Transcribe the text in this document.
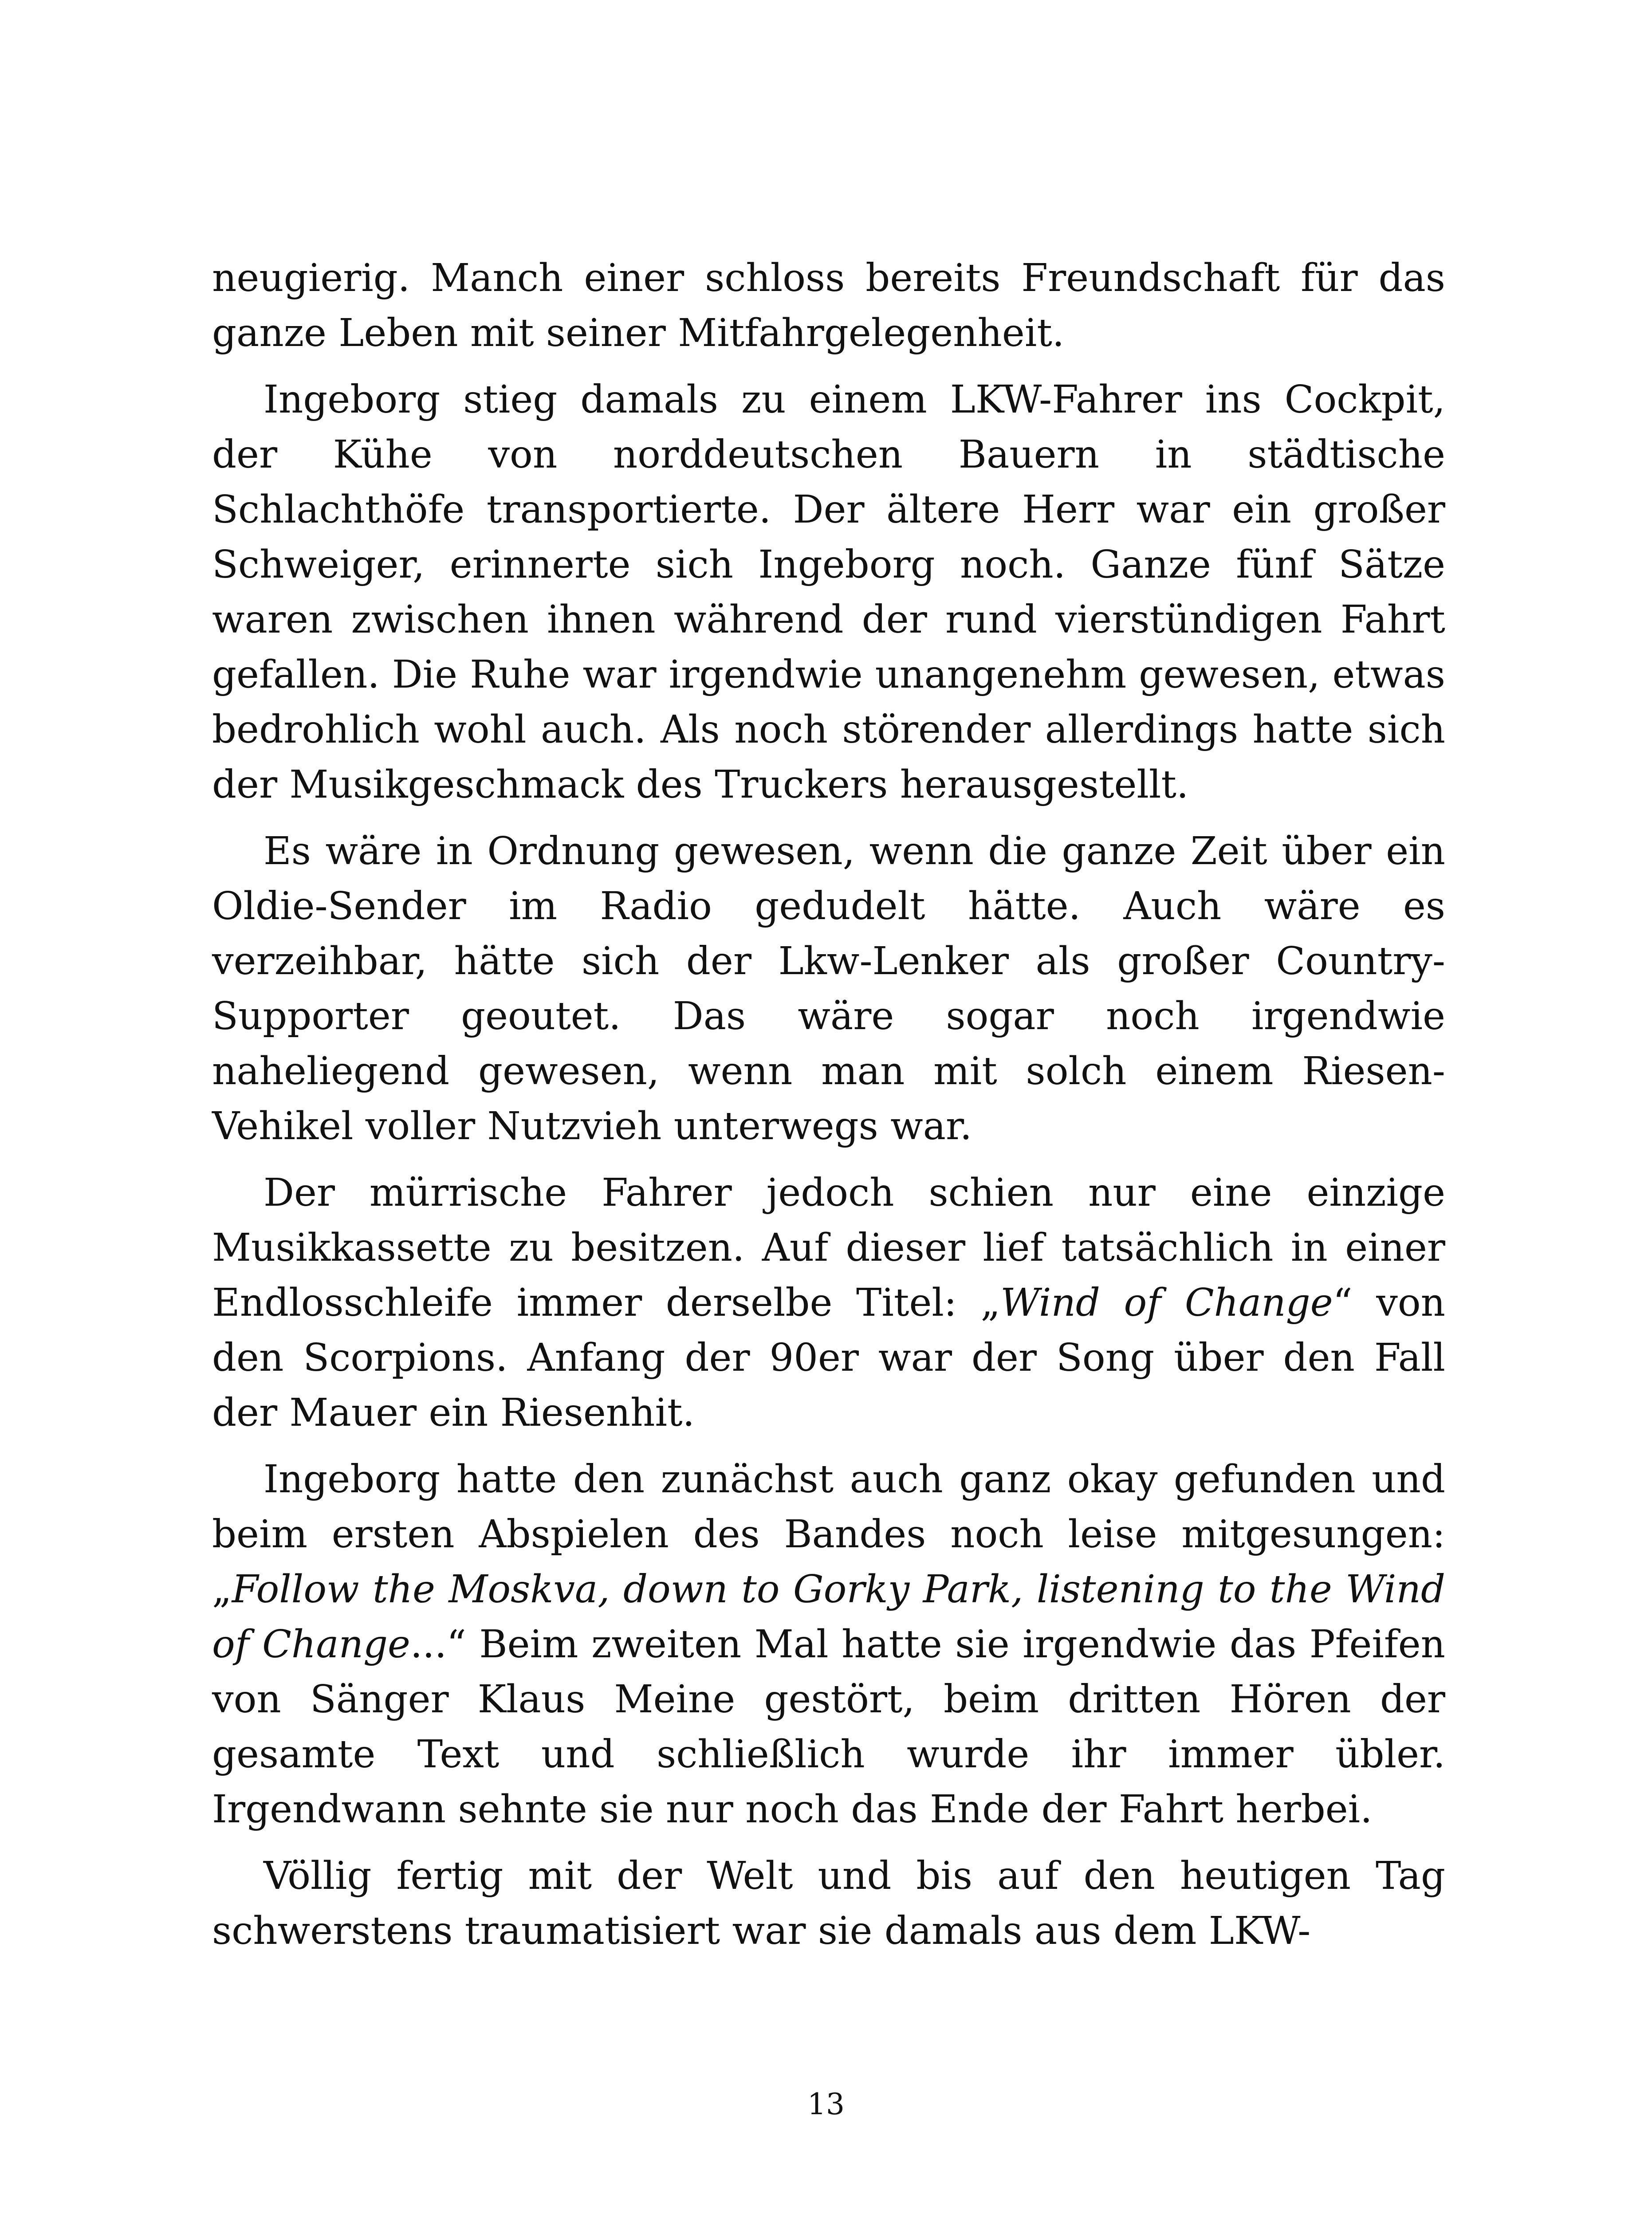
neugierig. Manch einer schloss bereits Freundschaft für das ganze Leben mit seiner Mitfahrgelegenheit.

Ingeborg stieg damals zu einem LKW-Fahrer ins Cockpit, der Kühe von norddeutschen Bauern in städtische Schlachthöfe transportierte. Der ältere Herr war ein großer Schweiger, erinnerte sich Ingeborg noch. Ganze fünf Sätze waren zwischen ihnen während der rund vierstündigen Fahrt gefallen. Die Ruhe war irgendwie unangenehm gewesen, etwas bedrohlich wohl auch. Als noch störender allerdings hatte sich der Musikgeschmack des Truckers herausgestellt.

Es wäre in Ordnung gewesen, wenn die ganze Zeit über ein Oldie-Sender im Radio gedudelt hätte. Auch wäre es verzeihbar, hätte sich der Lkw-Lenker als großer Country-Supporter geoutet. Das wäre sogar noch irgendwie naheliegend gewesen, wenn man mit solch einem Riesen-Vehikel voller Nutzvieh unterwegs war.

Der mürrische Fahrer jedoch schien nur eine einzige Musikkassette zu besitzen. Auf dieser lief tatsächlich in einer Endlosschleife immer derselbe Titel: „Wind of Change“ von den Scorpions. Anfang der 90er war der Song über den Fall der Mauer ein Riesenhit.

Ingeborg hatte den zunächst auch ganz okay gefunden und beim ersten Abspielen des Bandes noch leise mitgesungen: „Follow the Moskva, down to Gorky Park, listening to the Wind of Change...“ Beim zweiten Mal hatte sie irgendwie das Pfeifen von Sänger Klaus Meine gestört, beim dritten Hören der gesamte Text und schließlich wurde ihr immer übler. Irgendwann sehnte sie nur noch das Ende der Fahrt herbei.

Völlig fertig mit der Welt und bis auf den heutigen Tag schwerstens traumatisiert war sie damals aus dem LKW-

13
